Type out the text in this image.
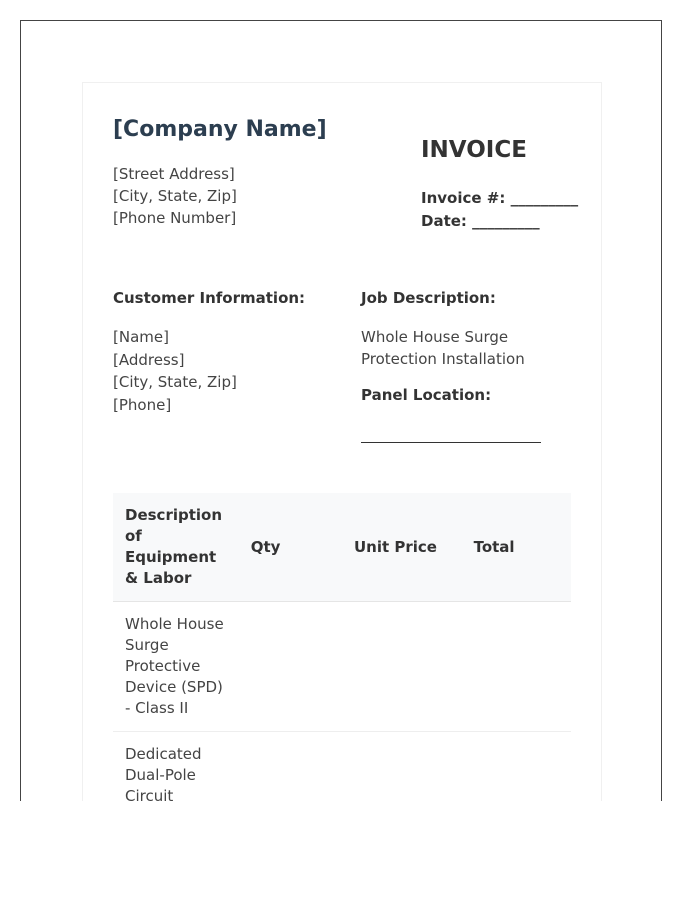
[Company Name]
[Street Address]
[City, State, Zip]
[Phone Number]
INVOICE
Invoice #: _________
Date: _________
Customer Information:
[Name]
[Address]
[City, State, Zip]
[Phone]
Job Description:
Whole House Surge Protection Installation
Panel Location:
Description of Equipment & Labor	Qty	Unit Price	Total
Whole House Surge Protective Device (SPD) - Class II			
Dedicated Dual-Pole Circuit			
